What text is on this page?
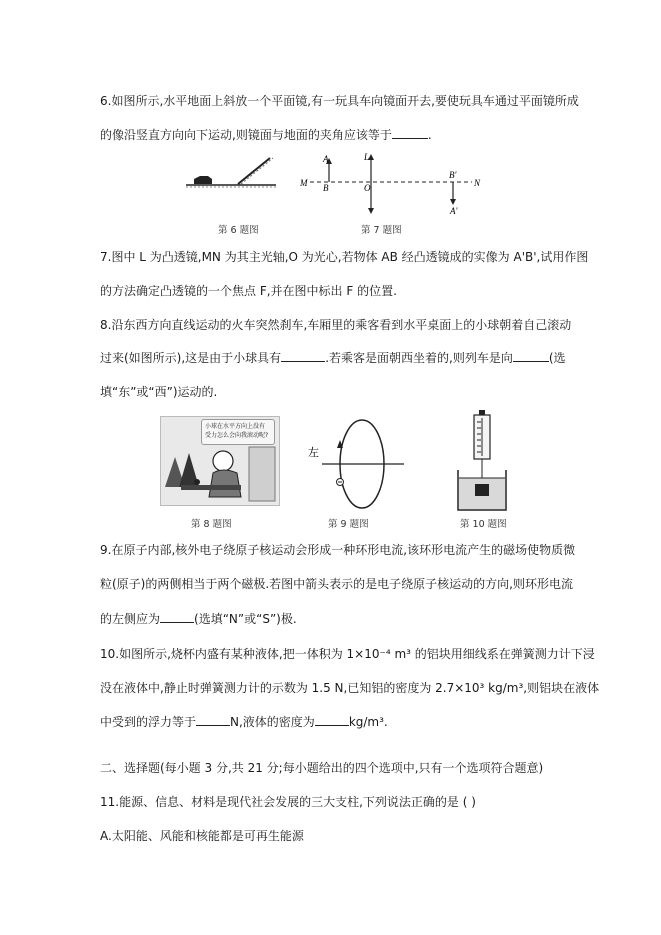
6.如图所示,水平地面上斜放一个平面镜,有一玩具车向镜面开去,要使玩具车通过平面镜所成
的像沿竖直方向向下运动,则镜面与地面的夹角应该等于	.
第 6 题图
M
A
B
L
O
B'
A'
N
第 7 题图
7.图中 L 为凸透镜,MN 为其主光轴,O 为光心,若物体 AB 经凸透镜成的实像为 A'B',试用作图
的方法确定凸透镜的一个焦点 F,并在图中标出 F 的位置.
8.沿东西方向直线运动的火车突然刹车,车厢里的乘客看到水平桌面上的小球朝着自己滚动
过来(如图所示),这是由于小球具有	.若乘客是面朝西坐着的,则列车是向	(选
填“东”或“西”)运动的.
小球在水平方向上没有
受力怎么会向我滚动呢?
第 8 题图
左
第 9 题图	第 10 题图
9.在原子内部,核外电子绕原子核运动会形成一种环形电流,该环形电流产生的磁场使物质微
粒(原子)的两侧相当于两个磁极.若图中箭头表示的是电子绕原子核运动的方向,则环形电流
的左侧应为	(选填“N”或“S”)极.
10.如图所示,烧杯内盛有某种液体,把一体积为 1×10⁻⁴ m³ 的铝块用细线系在弹簧测力计下浸
没在液体中,静止时弹簧测力计的示数为 1.5 N,已知铝的密度为 2.7×10³ kg/m³,则铝块在液体
中受到的浮力等于	N,液体的密度为	kg/m³.
二、选择题(每小题 3 分,共 21 分;每小题给出的四个选项中,只有一个选项符合题意)
11.能源、信息、材料是现代社会发展的三大支柱,下列说法正确的是 ( )
A.太阳能、风能和核能都是可再生能源
